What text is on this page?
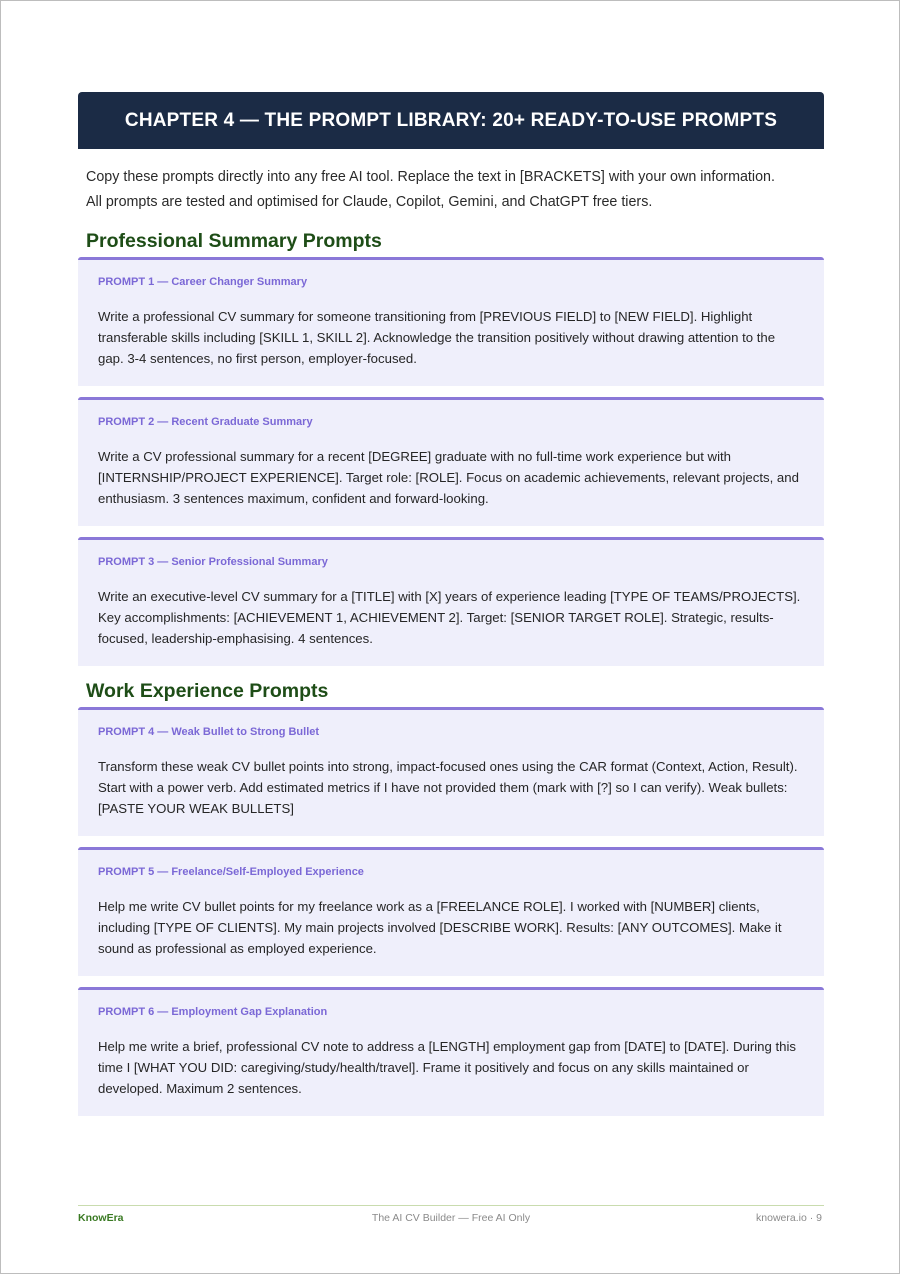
CHAPTER 4 — THE PROMPT LIBRARY: 20+ READY-TO-USE PROMPTS

Copy these prompts directly into any free AI tool. Replace the text in [BRACKETS] with your own information.

All prompts are tested and optimised for Claude, Copilot, Gemini, and ChatGPT free tiers.

Professional Summary Prompts

PROMPT 1 — Career Changer Summary

Write a professional CV summary for someone transitioning from [PREVIOUS FIELD] to [NEW FIELD]. Highlight transferable skills including [SKILL 1, SKILL 2]. Acknowledge the transition positively without drawing attention to the gap. 3-4 sentences, no first person, employer-focused.

PROMPT 2 — Recent Graduate Summary

Write a CV professional summary for a recent [DEGREE] graduate with no full-time work experience but with [INTERNSHIP/PROJECT EXPERIENCE]. Target role: [ROLE]. Focus on academic achievements, relevant projects, and enthusiasm. 3 sentences maximum, confident and forward-looking.

PROMPT 3 — Senior Professional Summary

Write an executive-level CV summary for a [TITLE] with [X] years of experience leading [TYPE OF TEAMS/PROJECTS]. Key accomplishments: [ACHIEVEMENT 1, ACHIEVEMENT 2]. Target: [SENIOR TARGET ROLE]. Strategic, results-focused, leadership-emphasising. 4 sentences.

Work Experience Prompts

PROMPT 4 — Weak Bullet to Strong Bullet

Transform these weak CV bullet points into strong, impact-focused ones using the CAR format (Context, Action, Result). Start with a power verb. Add estimated metrics if I have not provided them (mark with [?] so I can verify). Weak bullets: [PASTE YOUR WEAK BULLETS]

PROMPT 5 — Freelance/Self-Employed Experience

Help me write CV bullet points for my freelance work as a [FREELANCE ROLE]. I worked with [NUMBER] clients, including [TYPE OF CLIENTS]. My main projects involved [DESCRIBE WORK]. Results: [ANY OUTCOMES]. Make it sound as professional as employed experience.

PROMPT 6 — Employment Gap Explanation

Help me write a brief, professional CV note to address a [LENGTH] employment gap from [DATE] to [DATE]. During this time I [WHAT YOU DID: caregiving/study/health/travel]. Frame it positively and focus on any skills maintained or developed. Maximum 2 sentences.

KnowEra	The AI CV Builder — Free AI Only	knowera.io · 9
